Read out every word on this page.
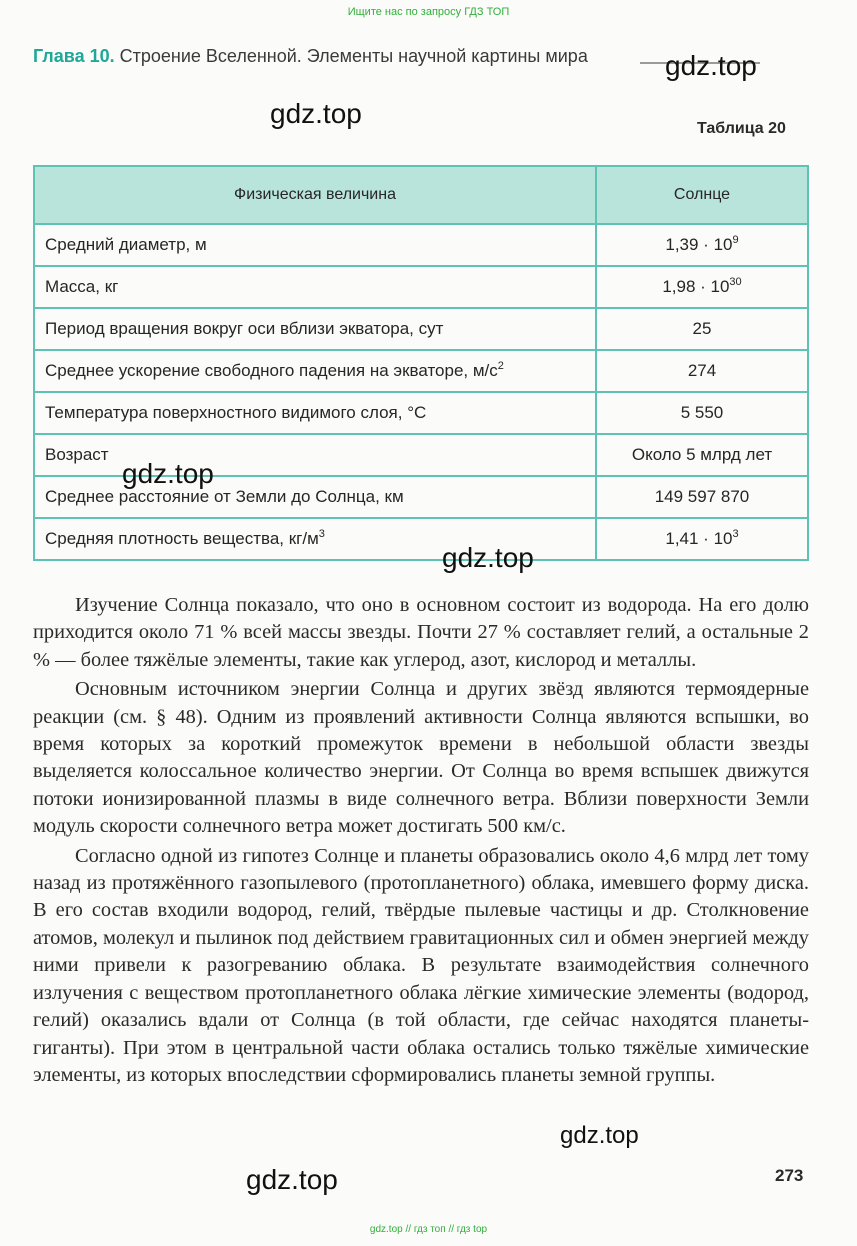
Ищите нас по запросу ГДЗ ТОП
Глава 10. Строение Вселенной. Элементы научной картины мира	gdz.top
gdz.top	Таблица 20
Физическая величина	Солнце
Средний диаметр, м	$1,39 \cdot 10^9$
Масса, кг	$1,98 \cdot 10^{30}$
Период вращения вокруг оси вблизи экватора, сут	25
Среднее ускорение свободного падения на экваторе, $м/с^2$	274
Температура поверхностного видимого слоя, °С	5 550
Возраст	Около 5 млрд лет
Среднее расстояние от Земли до Солнца, км	149 597 870
Средняя плотность вещества, $кг/м^3$	$1,41 \cdot 10^3$
gdz.top
gdz.top

Изучение Солнца показало, что оно в основном состоит из водорода. На его долю приходится около 71 % всей массы звезды. Почти 27 % составляет гелий, а остальные 2 % — более тяжёлые элементы, такие как углерод, азот, кислород и металлы.

Основным источником энергии Солнца и других звёзд являются термоядерные реакции (см. § 48). Одним из проявлений активности Солнца являются вспышки, во время которых за короткий промежуток времени в небольшой области звезды выделяется колоссальное количество энергии. От Солнца во время вспышек движутся потоки ионизированной плазмы в виде солнечного ветра. Вблизи поверхности Земли модуль скорости солнечного ветра может достигать 500 км/с.

Согласно одной из гипотез Солнце и планеты образовались около 4,6 млрд лет тому назад из протяжённого газопылевого (протопланетного) облака, имевшего форму диска. В его состав входили водород, гелий, твёрдые пылевые частицы и др. Столкновение атомов, молекул и пылинок под действием гравитационных сил и обмен энергией между ними привели к разогреванию облака. В результате взаимодействия солнечного излучения с веществом протопланетного облака лёгкие химические элементы (водород, гелий) оказались вдали от Солнца (в той области, где сейчас находятся планеты-гиганты). При этом в центральной части облака остались только тяжёлые химические элементы, из которых впоследствии сформировались планеты земной группы.

gdz.top
gdz.top	273
gdz.top // гдз топ // гдз top
